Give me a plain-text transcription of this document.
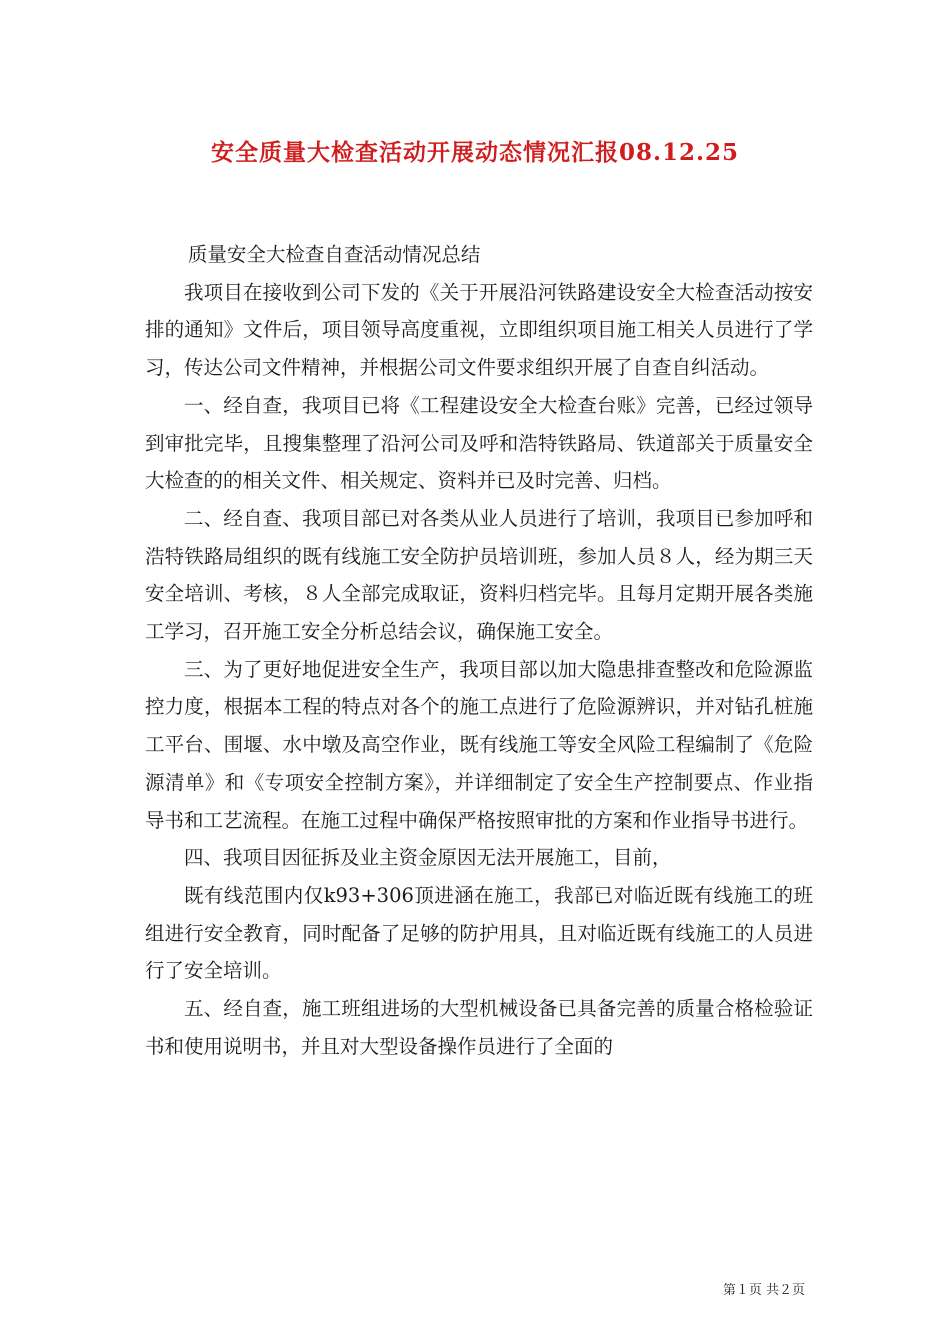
安全质量大检查活动开展动态情况汇报08.12.25

质量安全大检查自查活动情况总结

我项目在接收到公司下发的《关于开展沿河铁路建设安全大检查活动按安排的通知》文件后，项目领导高度重视，立即组织项目施工相关人员进行了学习，传达公司文件精神，并根据公司文件要求组织开展了自查自纠活动。

一、经自查，我项目已将《工程建设安全大检查台账》完善，已经过领导到审批完毕，且搜集整理了沿河公司及呼和浩特铁路局、铁道部关于质量安全大检查的的相关文件、相关规定、资料并已及时完善、归档。

二、经自查、我项目部已对各类从业人员进行了培训，我项目已参加呼和浩特铁路局组织的既有线施工安全防护员培训班，参加人员８人，经为期三天安全培训、考核，８人全部完成取证，资料归档完毕。且每月定期开展各类施工学习，召开施工安全分析总结会议，确保施工安全。

三、为了更好地促进安全生产，我项目部以加大隐患排查整改和危险源监控力度，根据本工程的特点对各个的施工点进行了危险源辨识，并对钻孔桩施工平台、围堰、水中墩及高空作业，既有线施工等安全风险工程编制了《危险源清单》和《专项安全控制方案》，并详细制定了安全生产控制要点、作业指导书和工艺流程。在施工过程中确保严格按照审批的方案和作业指导书进行。

四、我项目因征拆及业主资金原因无法开展施工，目前，

既有线范围内仅k93+306顶进涵在施工，我部已对临近既有线施工的班组进行安全教育，同时配备了足够的防护用具，且对临近既有线施工的人员进行了安全培训。

五、经自查，施工班组进场的大型机械设备已具备完善的质量合格检验证书和使用说明书，并且对大型设备操作员进行了全面的

第１页 共２页
